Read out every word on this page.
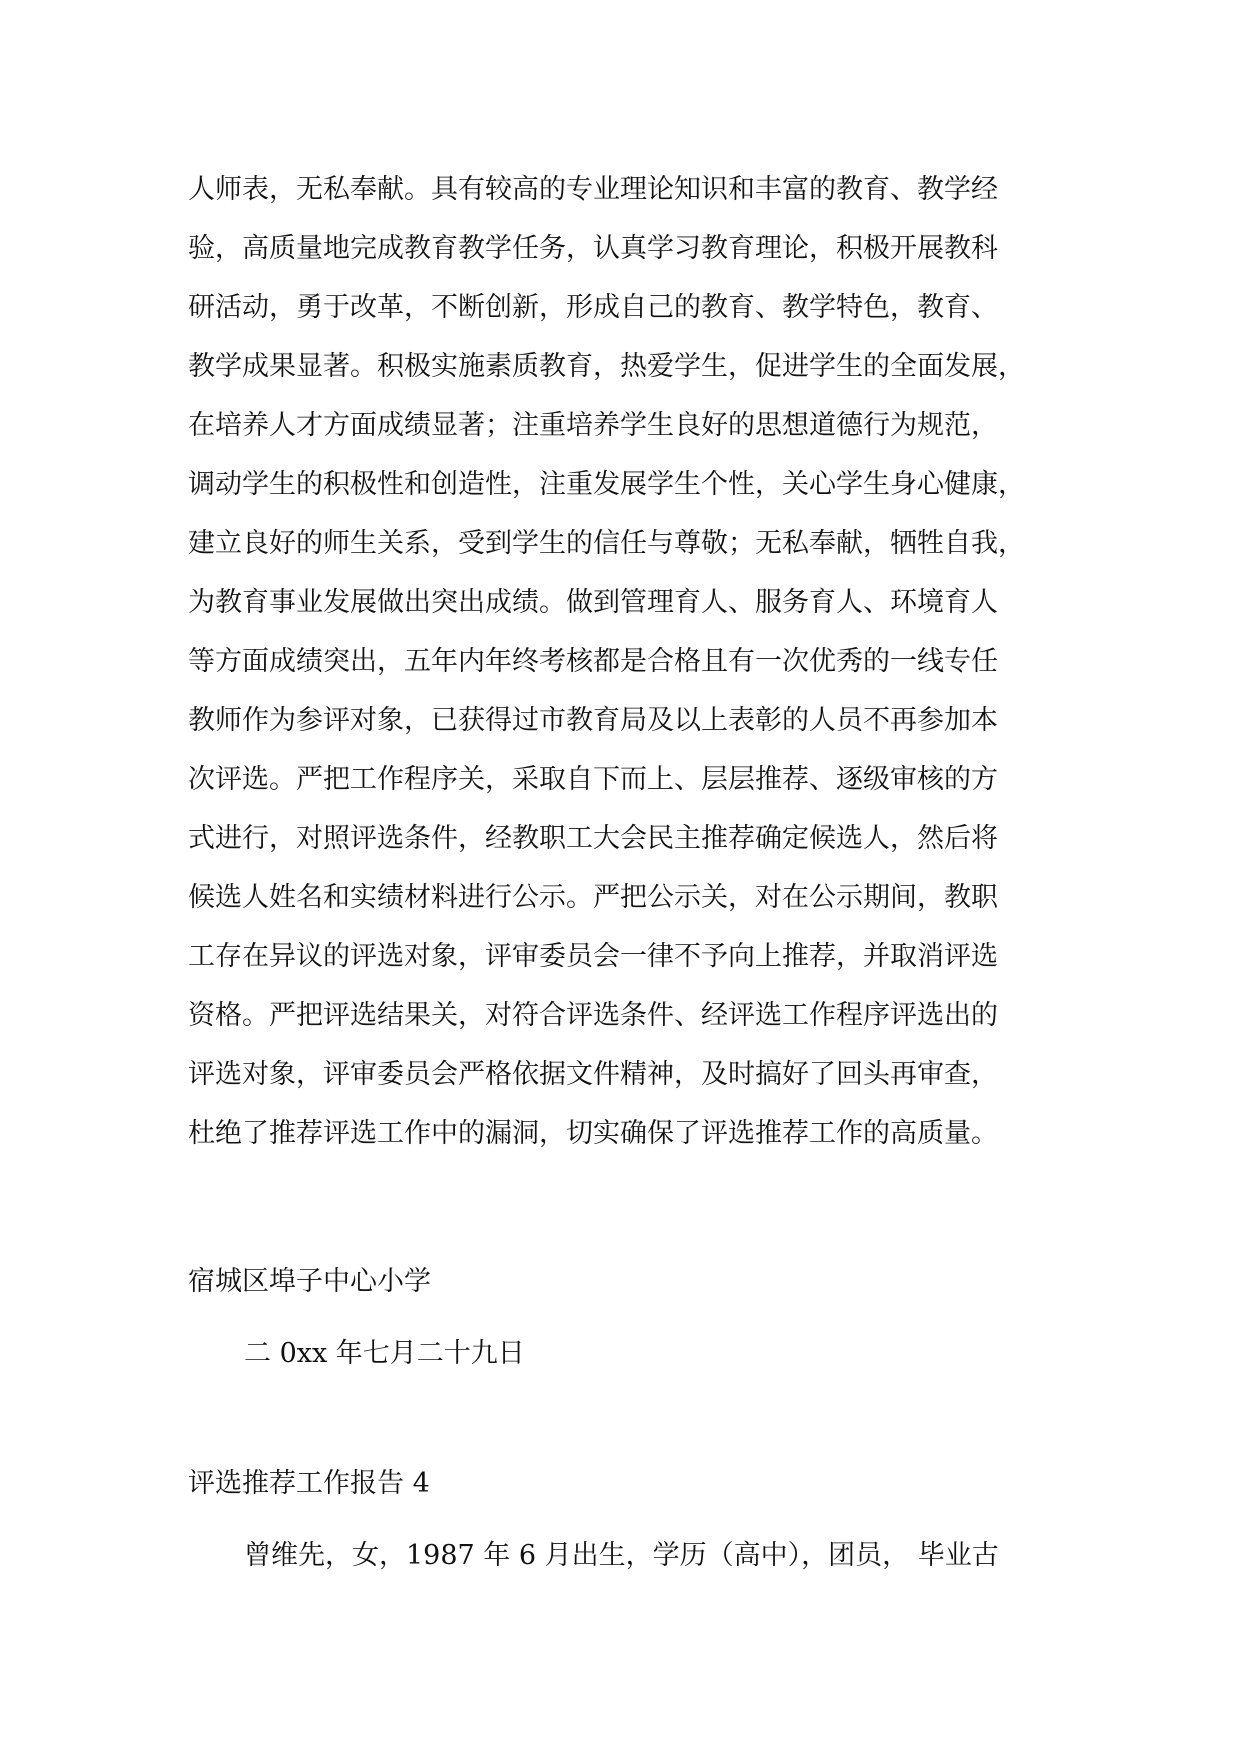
人师表，无私奉献。具有较高的专业理论知识和丰富的教育、教学经
验，高质量地完成教育教学任务，认真学习教育理论，积极开展教科
研活动，勇于改革，不断创新，形成自己的教育、教学特色，教育、
教学成果显著。积极实施素质教育，热爱学生，促进学生的全面发展，
在培养人才方面成绩显著；注重培养学生良好的思想道德行为规范，
调动学生的积极性和创造性，注重发展学生个性，关心学生身心健康，
建立良好的师生关系，受到学生的信任与尊敬；无私奉献，牺牲自我，
为教育事业发展做出突出成绩。做到管理育人、服务育人、环境育人
等方面成绩突出，五年内年终考核都是合格且有一次优秀的一线专任
教师作为参评对象，已获得过市教育局及以上表彰的人员不再参加本
次评选。严把工作程序关，采取自下而上、层层推荐、逐级审核的方
式进行，对照评选条件，经教职工大会民主推荐确定候选人，然后将
候选人姓名和实绩材料进行公示。严把公示关，对在公示期间，教职
工存在异议的评选对象，评审委员会一律不予向上推荐，并取消评选
资格。严把评选结果关，对符合评选条件、经评选工作程序评选出的
评选对象，评审委员会严格依据文件精神，及时搞好了回头再审查，
杜绝了推荐评选工作中的漏洞，切实确保了评选推荐工作的高质量。
宿城区埠子中心小学
二 0xx 年七月二十九日
评选推荐工作报告 4
曾维先，女，1987 年 6 月出生，学历（高中），团员， 毕业古
